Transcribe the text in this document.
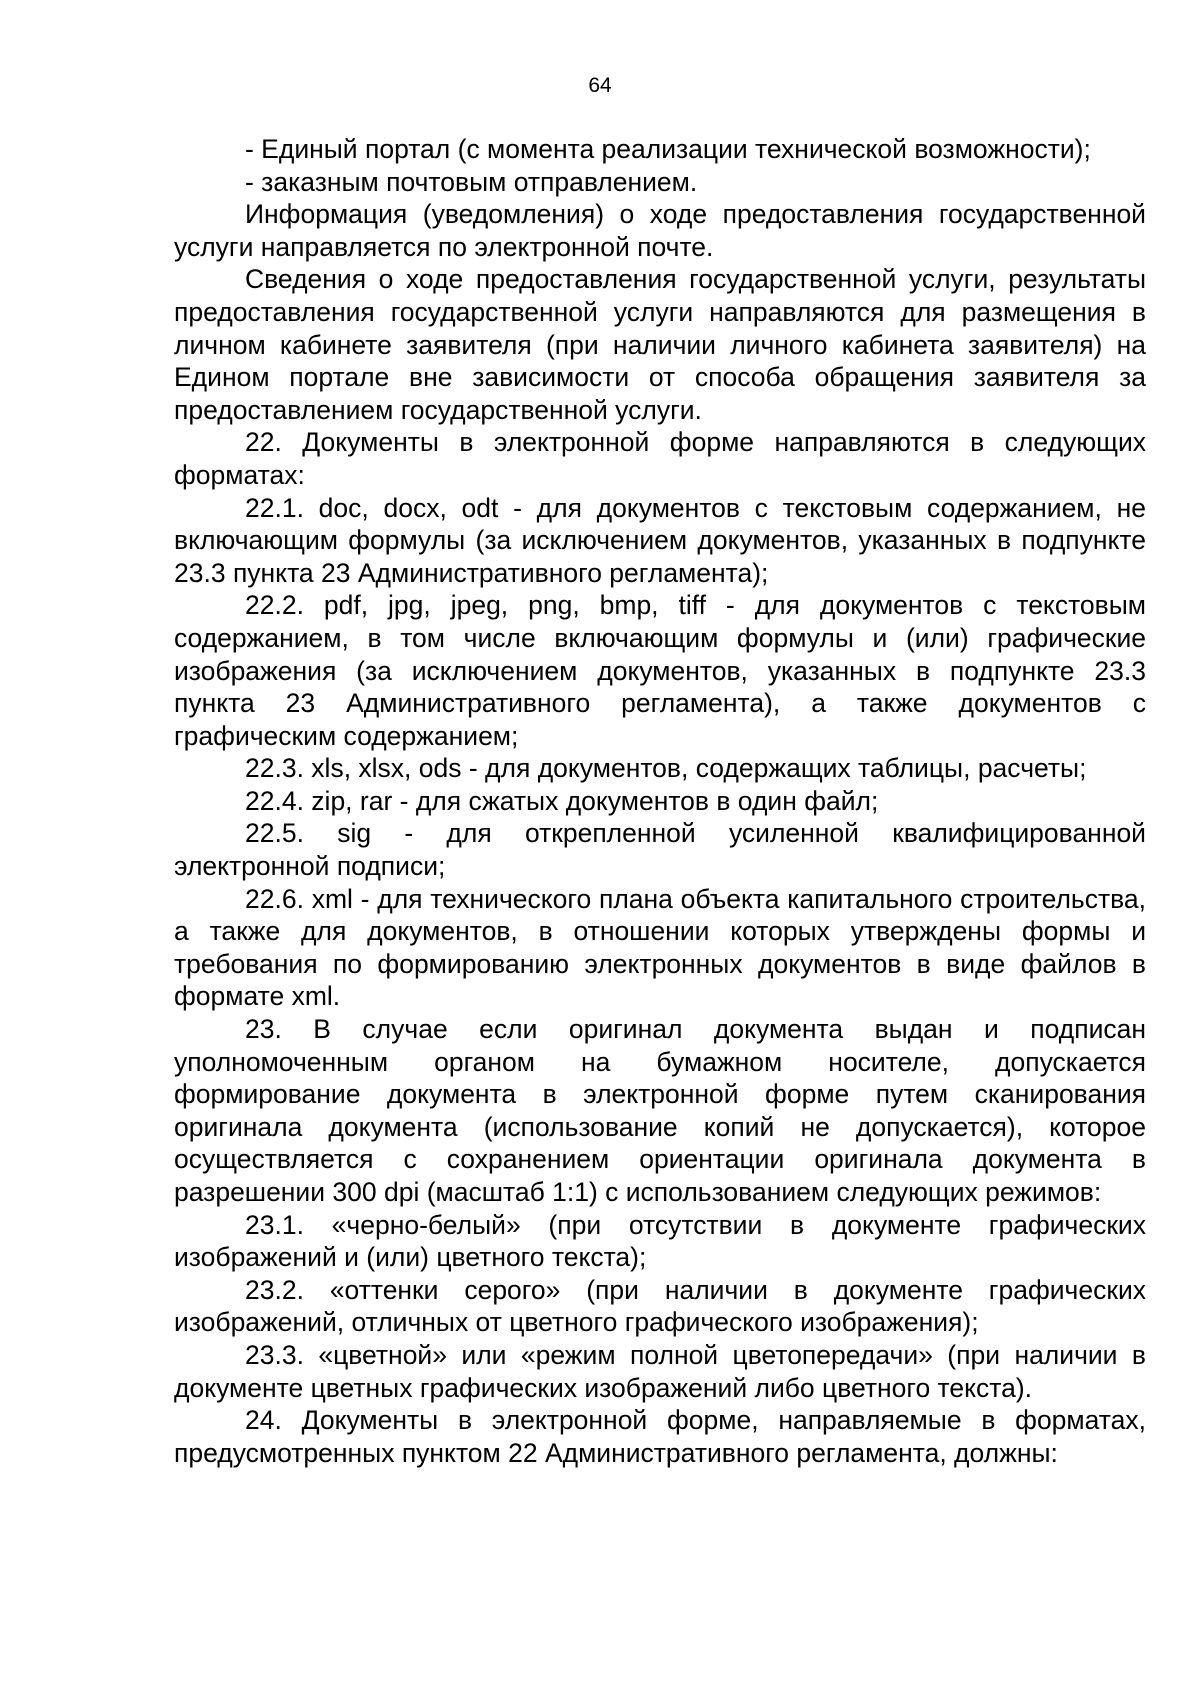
64

- Единый портал (с момента реализации технической возможности);

- заказным почтовым отправлением.

Информация (уведомления) о ходе предоставления государственной услуги направляется по электронной почте.

Сведения о ходе предоставления государственной услуги, результаты предоставления государственной услуги направляются для размещения в личном кабинете заявителя (при наличии личного кабинета заявителя) на Едином портале вне зависимости от способа обращения заявителя за предоставлением государственной услуги.

22. Документы в электронной форме направляются в следующих форматах:

22.1. doc, docx, odt - для документов с текстовым содержанием, не включающим формулы (за исключением документов, указанных в подпункте 23.3 пункта 23 Административного регламента);

22.2. pdf, jpg, jpeg, png, bmp, tiff - для документов с текстовым содержанием, в том числе включающим формулы и (или) графические изображения (за исключением документов, указанных в подпункте 23.3 пункта 23 Административного регламента), а также документов с графическим содержанием;

22.3. xls, xlsx, ods - для документов, содержащих таблицы, расчеты;

22.4. zip, rar - для сжатых документов в один файл;

22.5. sig - для открепленной усиленной квалифицированной электронной подписи;

22.6. xml - для технического плана объекта капитального строительства, а также для документов, в отношении которых утверждены формы и требования по формированию электронных документов в виде файлов в формате xml.

23. В случае если оригинал документа выдан и подписан уполномоченным органом на бумажном носителе, допускается формирование документа в электронной форме путем сканирования оригинала документа (использование копий не допускается), которое осуществляется с сохранением ориентации оригинала документа в разрешении 300 dpi (масштаб 1:1) с использованием следующих режимов:

23.1. «черно-белый» (при отсутствии в документе графических изображений и (или) цветного текста);

23.2. «оттенки серого» (при наличии в документе графических изображений, отличных от цветного графического изображения);

23.3. «цветной» или «режим полной цветопередачи» (при наличии в документе цветных графических изображений либо цветного текста).

24. Документы в электронной форме, направляемые в форматах, предусмотренных пунктом 22 Административного регламента, должны:
